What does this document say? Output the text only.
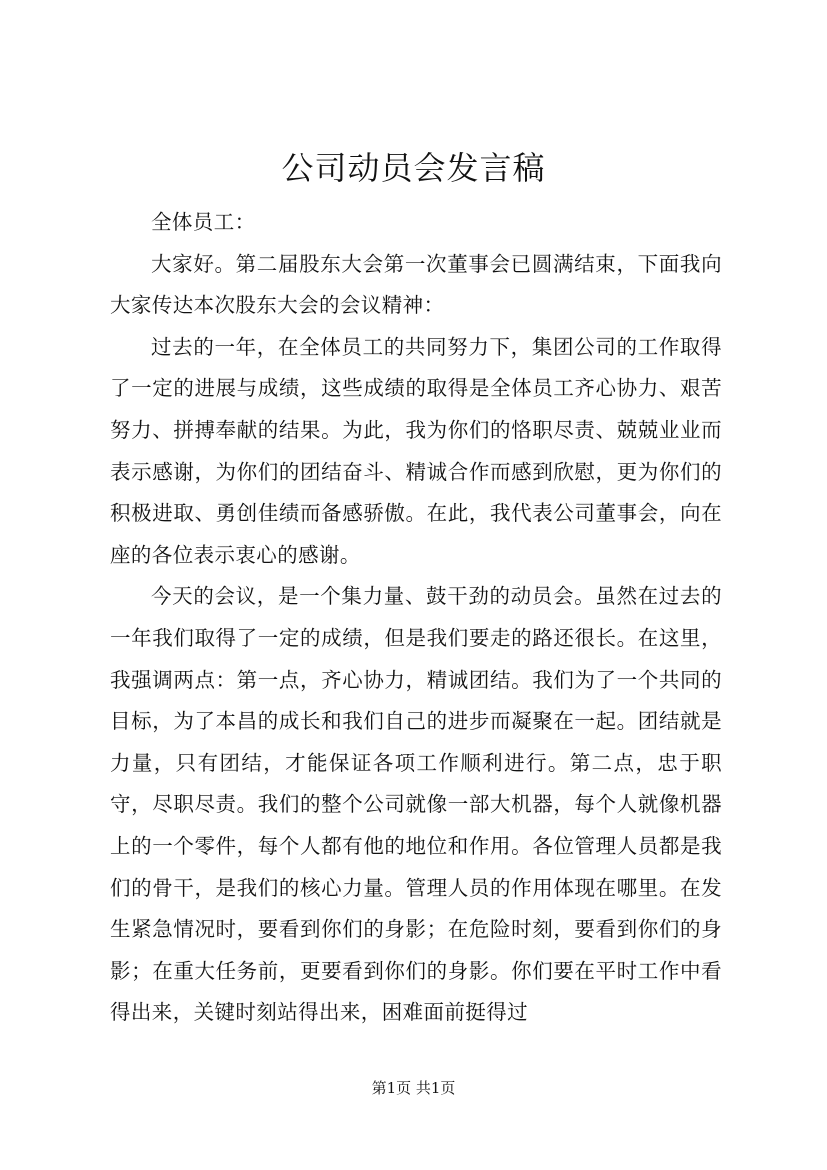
公司动员会发言稿

全体员工：

大家好。第二届股东大会第一次董事会已圆满结束，下面我向大家传达本次股东大会的会议精神：

过去的一年，在全体员工的共同努力下，集团公司的工作取得了一定的进展与成绩，这些成绩的取得是全体员工齐心协力、艰苦努力、拼搏奉献的结果。为此，我为你们的恪职尽责、兢兢业业而表示感谢，为你们的团结奋斗、精诚合作而感到欣慰，更为你们的积极进取、勇创佳绩而备感骄傲。在此，我代表公司董事会，向在座的各位表示衷心的感谢。

今天的会议，是一个集力量、鼓干劲的动员会。虽然在过去的一年我们取得了一定的成绩，但是我们要走的路还很长。在这里，我强调两点：第一点，齐心协力，精诚团结。我们为了一个共同的目标，为了本昌的成长和我们自己的进步而凝聚在一起。团结就是力量，只有团结，才能保证各项工作顺利进行。第二点，忠于职守，尽职尽责。我们的整个公司就像一部大机器，每个人就像机器上的一个零件，每个人都有他的地位和作用。各位管理人员都是我们的骨干，是我们的核心力量。管理人员的作用体现在哪里。在发生紧急情况时，要看到你们的身影；在危险时刻，要看到你们的身影；在重大任务前，更要看到你们的身影。你们要在平时工作中看得出来，关键时刻站得出来，困难面前挺得过

第1页 共1页
